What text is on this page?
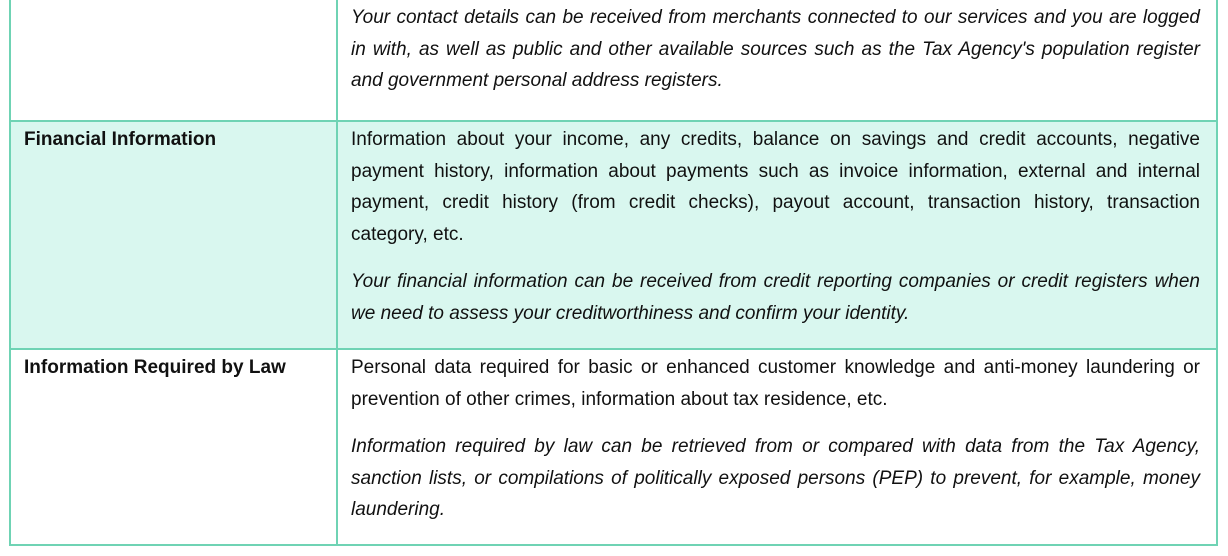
	Your contact details can be received from merchants connected to our services and you are logged in with, as well as public and other available sources such as the Tax Agency's population register and government personal address registers.

Financial Information	Information about your income, any credits, balance on savings and credit accounts, negative payment history, information about payments such as invoice information, external and internal payment, credit history (from credit checks), payout account, transaction history, transaction category, etc.

Your financial information can be received from credit reporting companies or credit registers when we need to assess your creditworthiness and confirm your identity.

Information Required by Law	Personal data required for basic or enhanced customer knowledge and anti-money laundering or prevention of other crimes, information about tax residence, etc.

Information required by law can be retrieved from or compared with data from the Tax Agency, sanction lists, or compilations of politically exposed persons (PEP) to prevent, for example, money laundering.
